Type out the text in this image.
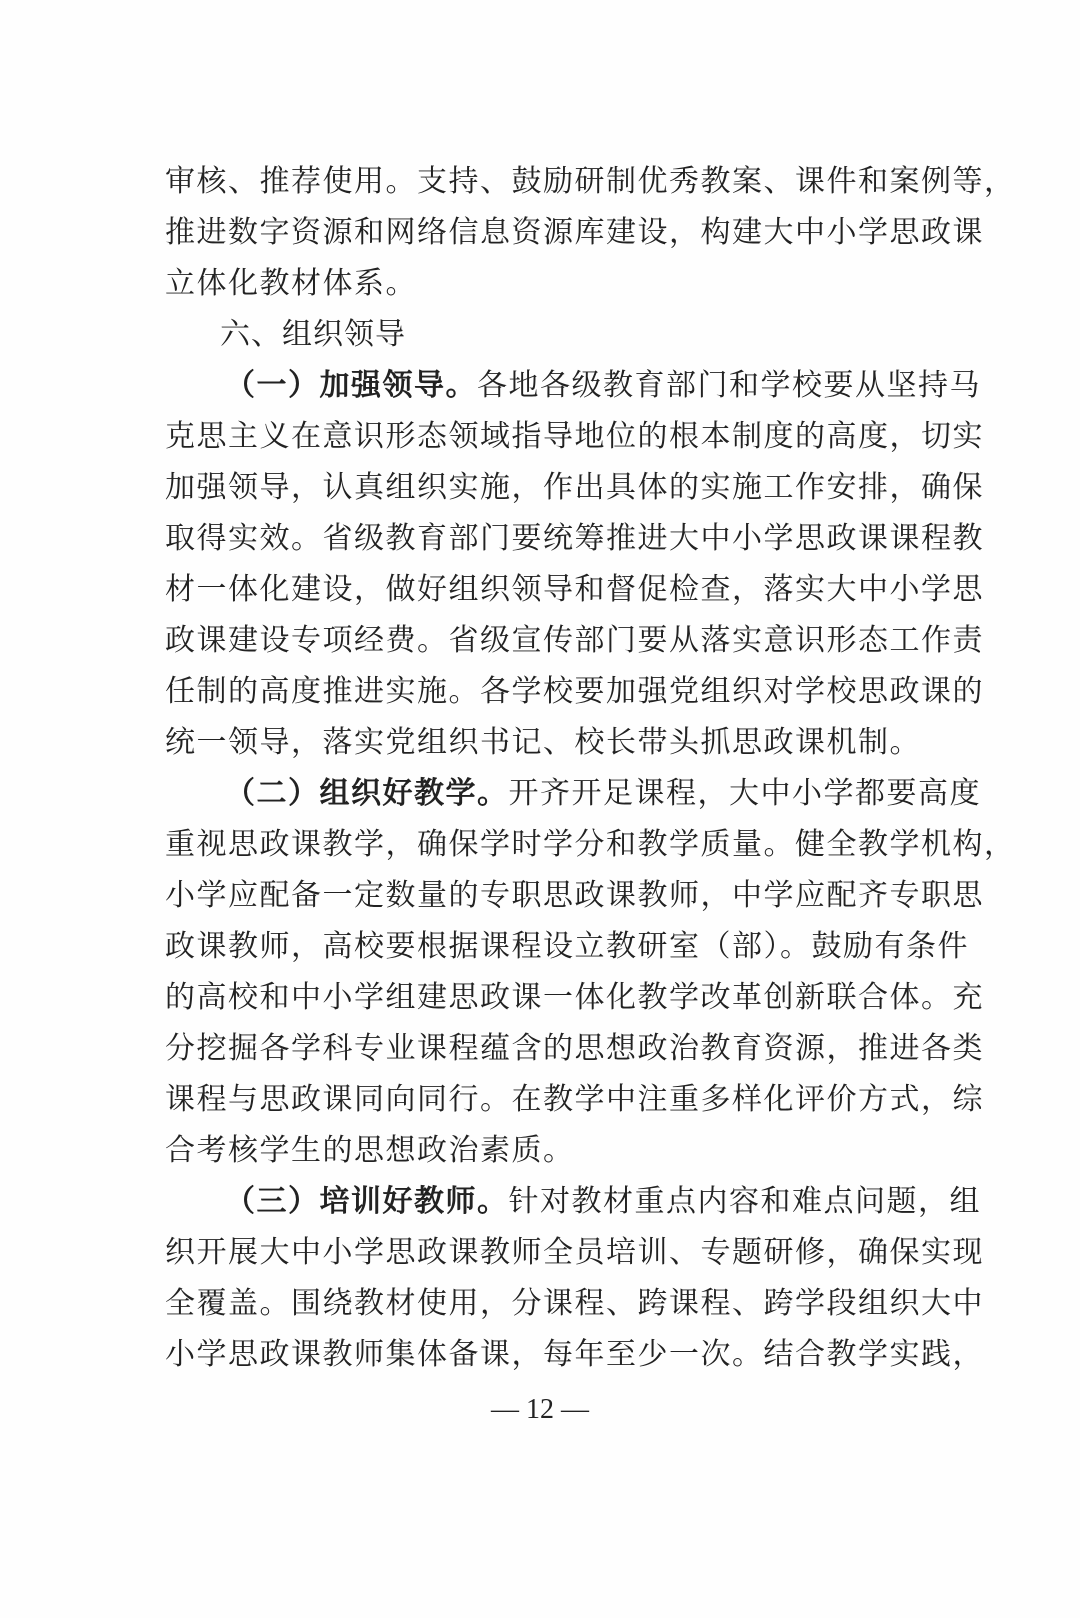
审核、推荐使用。支持、鼓励研制优秀教案、课件和案例等，
推进数字资源和网络信息资源库建设，构建大中小学思政课
立体化教材体系。
六、组织领导
（一）加强领导。各地各级教育部门和学校要从坚持马
克思主义在意识形态领域指导地位的根本制度的高度，切实
加强领导，认真组织实施，作出具体的实施工作安排，确保
取得实效。省级教育部门要统筹推进大中小学思政课课程教
材一体化建设，做好组织领导和督促检查，落实大中小学思
政课建设专项经费。省级宣传部门要从落实意识形态工作责
任制的高度推进实施。各学校要加强党组织对学校思政课的
统一领导，落实党组织书记、校长带头抓思政课机制。
（二）组织好教学。开齐开足课程，大中小学都要高度
重视思政课教学，确保学时学分和教学质量。健全教学机构，
小学应配备一定数量的专职思政课教师，中学应配齐专职思
政课教师，高校要根据课程设立教研室（部）。鼓励有条件
的高校和中小学组建思政课一体化教学改革创新联合体。充
分挖掘各学科专业课程蕴含的思想政治教育资源，推进各类
课程与思政课同向同行。在教学中注重多样化评价方式，综
合考核学生的思想政治素质。
（三）培训好教师。针对教材重点内容和难点问题，组
织开展大中小学思政课教师全员培训、专题研修，确保实现
全覆盖。围绕教材使用，分课程、跨课程、跨学段组织大中
小学思政课教师集体备课，每年至少一次。结合教学实践，
— 12 —
